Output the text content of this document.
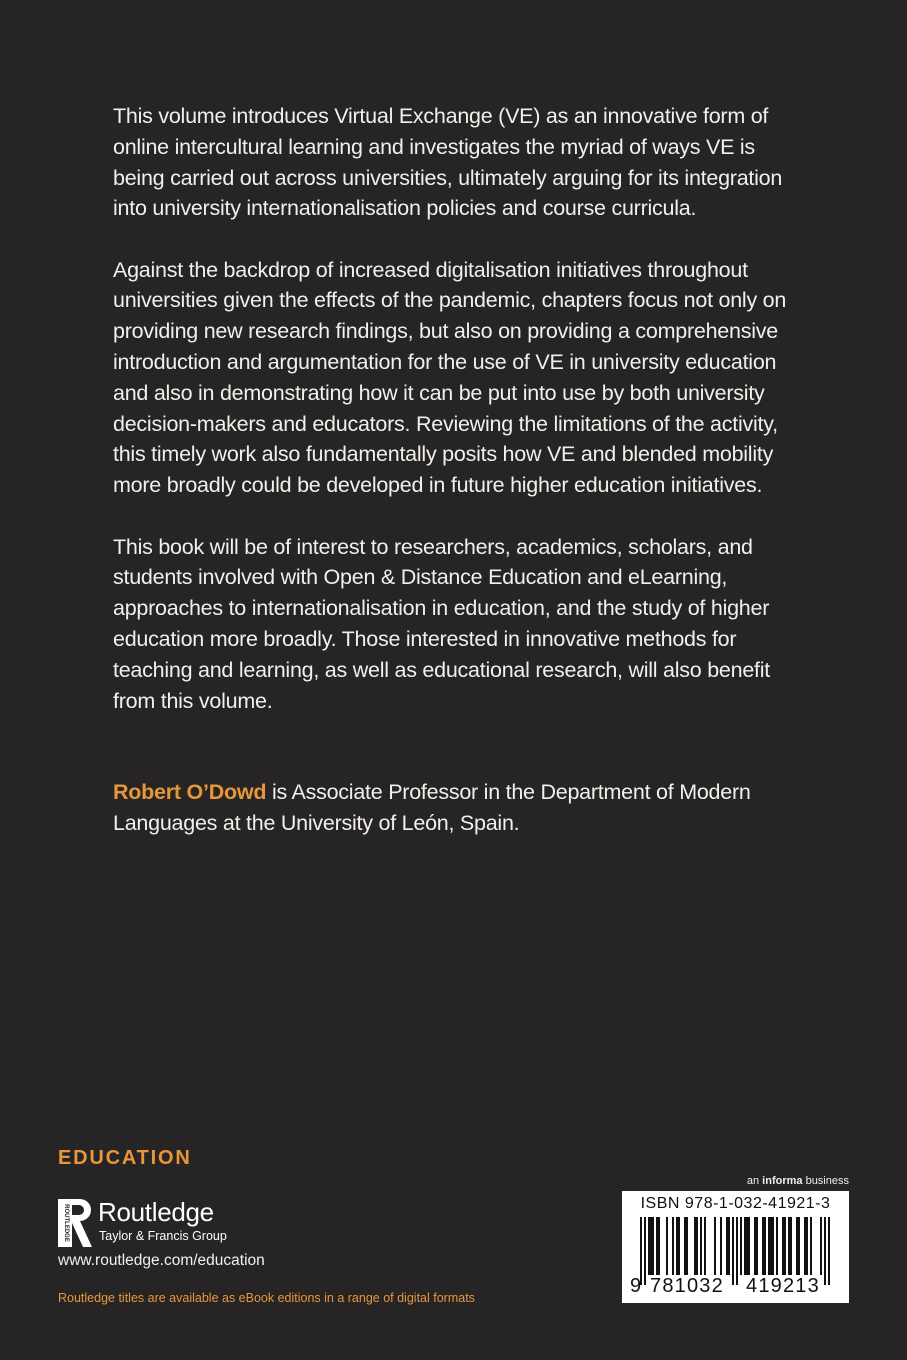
This volume introduces Virtual Exchange (VE) as an innovative form of online intercultural learning and investigates the myriad of ways VE is being carried out across universities, ultimately arguing for its integration into university internationalisation policies and course curricula.

Against the backdrop of increased digitalisation initiatives throughout universities given the effects of the pandemic, chapters focus not only on providing new research findings, but also on providing a comprehensive introduction and argumentation for the use of VE in university education and also in demonstrating how it can be put into use by both university decision-makers and educators. Reviewing the limitations of the activity, this timely work also fundamentally posits how VE and blended mobility more broadly could be developed in future higher education initiatives.

This book will be of interest to researchers, academics, scholars, and students involved with Open & Distance Education and eLearning, approaches to internationalisation in education, and the study of higher education more broadly. Those interested in innovative methods for teaching and learning, as well as educational research, will also benefit from this volume.

Robert O’Dowd is Associate Professor in the Department of Modern Languages at the University of León, Spain.

EDUCATION
ROUTLEDGE Routledge
Taylor & Francis Group
www.routledge.com/education
Routledge titles are available as eBook editions in a range of digital formats
an informa business
ISBN 978-1-032-41921-3
9 781032 419213
